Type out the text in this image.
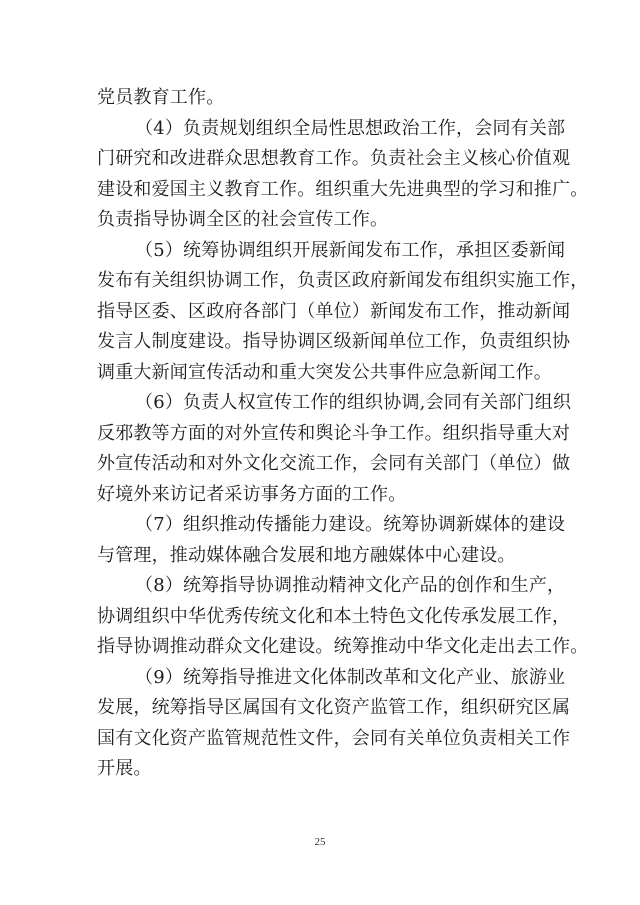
党员教育工作。
（4）负责规划组织全局性思想政治工作，会同有关部
门研究和改进群众思想教育工作。负责社会主义核心价值观
建设和爱国主义教育工作。组织重大先进典型的学习和推广。
负责指导协调全区的社会宣传工作。
（5）统筹协调组织开展新闻发布工作，承担区委新闻
发布有关组织协调工作，负责区政府新闻发布组织实施工作，
指导区委、区政府各部门（单位）新闻发布工作，推动新闻
发言人制度建设。指导协调区级新闻单位工作，负责组织协
调重大新闻宣传活动和重大突发公共事件应急新闻工作。
（6）负责人权宣传工作的组织协调,会同有关部门组织
反邪教等方面的对外宣传和舆论斗争工作。组织指导重大对
外宣传活动和对外文化交流工作，会同有关部门（单位）做
好境外来访记者采访事务方面的工作。
（7）组织推动传播能力建设。统筹协调新媒体的建设
与管理，推动媒体融合发展和地方融媒体中心建设。
（8）统筹指导协调推动精神文化产品的创作和生产，
协调组织中华优秀传统文化和本土特色文化传承发展工作，
指导协调推动群众文化建设。统筹推动中华文化走出去工作。
（9）统筹指导推进文化体制改革和文化产业、旅游业
发展，统筹指导区属国有文化资产监管工作，组织研究区属
国有文化资产监管规范性文件，会同有关单位负责相关工作
开展。
25
